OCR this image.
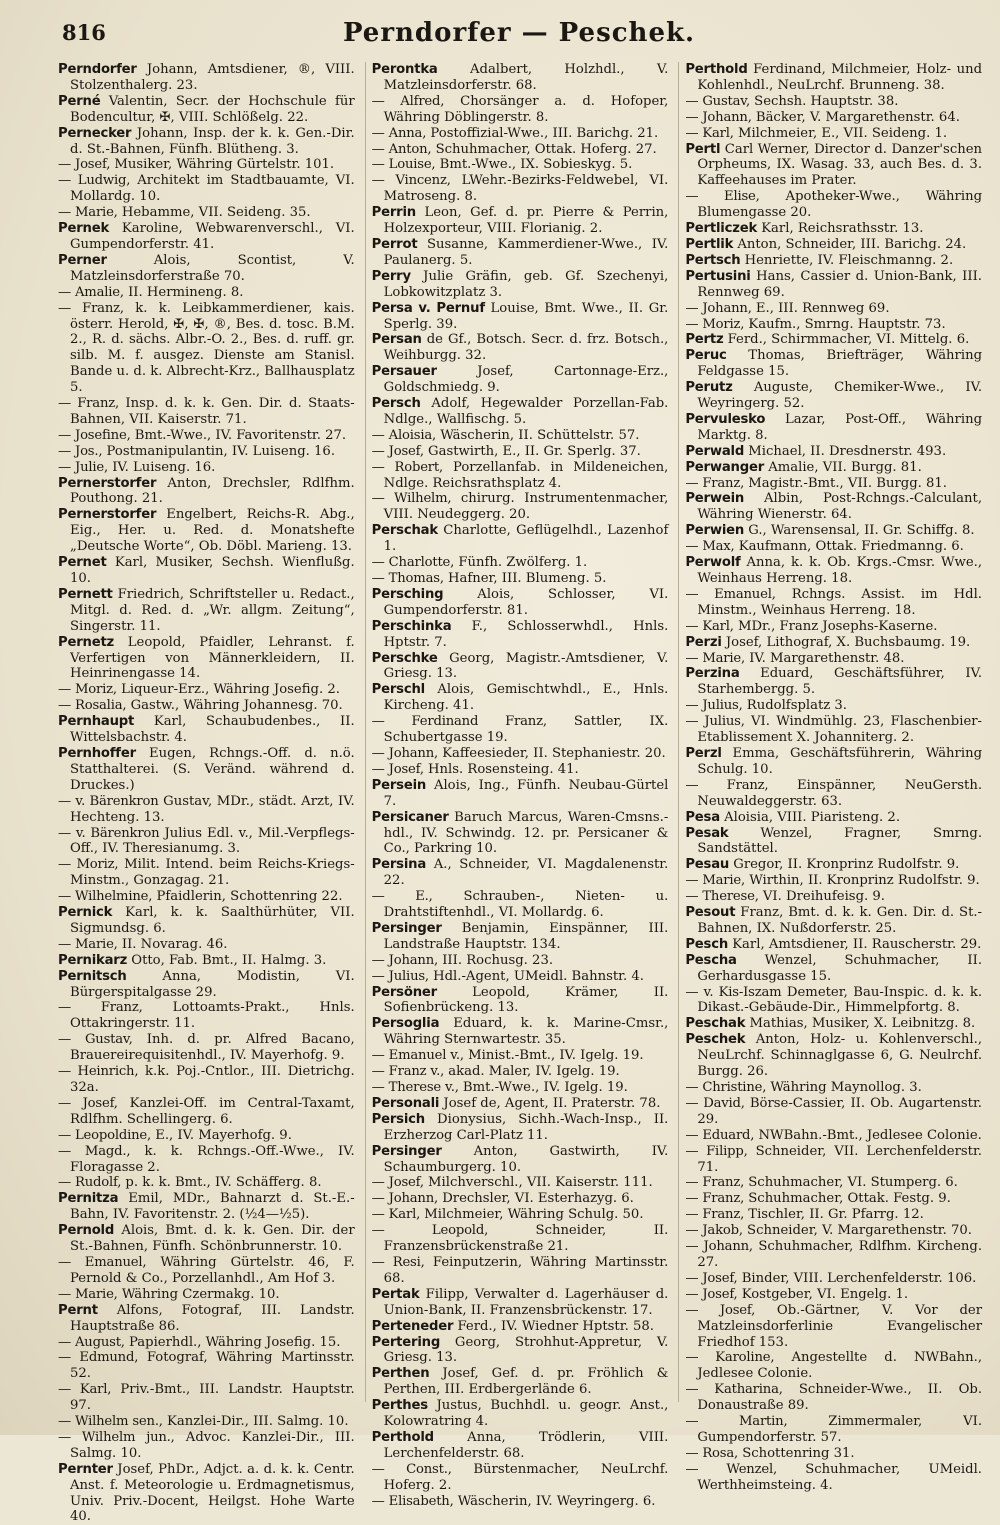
816	Perndorfer — Peschek.

Perndorfer Johann, Amtsdiener, ®, VIII. Stolzenthalerg. 23.

Perné Valentin, Secr. der Hochschule für Bodencultur, ✠, VIII. Schlößelg. 22.

Pernecker Johann, Insp. der k. k. Gen.-Dir. d. St.-Bahnen, Fünfh. Blütheng. 3.

— Josef, Musiker, Währing Gürtelstr. 101.

— Ludwig, Architekt im Stadtbauamte, VI. Mollardg. 10.

— Marie, Hebamme, VII. Seideng. 35.

Pernek Karoline, Webwarenverschl., VI. Gumpendorferstr. 41.

Perner Alois, Scontist, V. Matzleinsdorferstraße 70.

— Amalie, II. Hermineng. 8.

— Franz, k. k. Leibkammerdiener, kais. österr. Herold, ✠, ✠, ®, Bes. d. tosc. B.M. 2., R. d. sächs. Albr.-O. 2., Bes. d. ruff. gr. silb. M. f. ausgez. Dienste am Stanisl. Bande u. d. k. Albrecht-Krz., Ballhausplatz 5.

— Franz, Insp. d. k. k. Gen. Dir. d. Staats-Bahnen, VII. Kaiserstr. 71.

— Josefine, Bmt.-Wwe., IV. Favoritenstr. 27.

— Jos., Postmanipulantin, IV. Luiseng. 16.

— Julie, IV. Luiseng. 16.

Pernerstorfer Anton, Drechsler, Rdlfhm. Pouthong. 21.

Pernerstorfer Engelbert, Reichs-R. Abg., Eig., Her. u. Red. d. Monatshefte „Deutsche Worte“, Ob. Döbl. Marieng. 13.

Pernet Karl, Musiker, Sechsh. Wienflußg. 10.

Pernett Friedrich, Schriftsteller u. Redact., Mitgl. d. Red. d. „Wr. allgm. Zeitung“, Singerstr. 11.

Pernetz Leopold, Pfaidler, Lehranst. f. Verfertigen von Männerkleidern, II. Heinrinengasse 14.

— Moriz, Liqueur-Erz., Währing Josefig. 2.

— Rosalia, Gastw., Währing Johannesg. 70.

Pernhaupt Karl, Schaubudenbes., II. Wittelsbachstr. 4.

Pernhoffer Eugen, Rchngs.-Off. d. n.ö. Statthalterei. (S. Veränd. während d. Druckes.)

— v. Bärenkron Gustav, MDr., städt. Arzt, IV. Hechteng. 13.

— v. Bärenkron Julius Edl. v., Mil.-Verpflegs-Off., IV. Theresianumg. 3.

— Moriz, Milit. Intend. beim Reichs-Kriegs-Minstm., Gonzagag. 21.

— Wilhelmine, Pfaidlerin, Schottenring 22.

Pernick Karl, k. k. Saalthürhüter, VII. Sigmundsg. 6.

— Marie, II. Novarag. 46.

Pernikarz Otto, Fab. Bmt., II. Halmg. 3.

Pernitsch Anna, Modistin, VI. Bürgerspitalgasse 29.

— Franz, Lottoamts-Prakt., Hnls. Ottakringerstr. 11.

— Gustav, Inh. d. pr. Alfred Bacano, Brauereirequisitenhdl., IV. Mayerhofg. 9.

— Heinrich, k.k. Poj.-Cntlor., III. Dietrichg. 32a.

— Josef, Kanzlei-Off. im Central-Taxamt, Rdlfhm. Schellingerg. 6.

— Leopoldine, E., IV. Mayerhofg. 9.

— Magd., k. k. Rchngs.-Off.-Wwe., IV. Floragasse 2.

— Rudolf, p. k. k. Bmt., IV. Schäfferg. 8.

Pernitza Emil, MDr., Bahnarzt d. St.-E.-Bahn, IV. Favoritenstr. 2. (½4—½5).

Pernold Alois, Bmt. d. k. k. Gen. Dir. der St.-Bahnen, Fünfh. Schönbrunnerstr. 10.

— Emanuel, Währing Gürtelstr. 46, F. Pernold & Co., Porzellanhdl., Am Hof 3.

— Marie, Währing Czermakg. 10.

Pernt Alfons, Fotograf, III. Landstr. Hauptstraße 86.

— August, Papierhdl., Währing Josefig. 15.

— Edmund, Fotograf, Währing Martinsstr. 52.

— Karl, Priv.-Bmt., III. Landstr. Hauptstr. 97.

— Wilhelm sen., Kanzlei-Dir., III. Salmg. 10.

— Wilhelm jun., Advoc. Kanzlei-Dir., III. Salmg. 10.

Pernter Josef, PhDr., Adjct. a. d. k. k. Centr. Anst. f. Meteorologie u. Erdmagnetismus, Univ. Priv.-Docent, Heilgst. Hohe Warte 40.

Perontka Adalbert, Holzhdl., V. Matzleinsdorferstr. 68.

— Alfred, Chorsänger a. d. Hofoper, Währing Döblingerstr. 8.

— Anna, Postoffizial-Wwe., III. Barichg. 21.

— Anton, Schuhmacher, Ottak. Hoferg. 27.

— Louise, Bmt.-Wwe., IX. Sobieskyg. 5.

— Vincenz, LWehr.-Bezirks-Feldwebel, VI. Matroseng. 8.

Perrin Leon, Gef. d. pr. Pierre & Perrin, Holzexporteur, VIII. Florianig. 2.

Perrot Susanne, Kammerdiener-Wwe., IV. Paulanerg. 5.

Perry Julie Gräfin, geb. Gf. Szechenyi, Lobkowitzplatz 3.

Persa v. Pernuf Louise, Bmt. Wwe., II. Gr. Sperlg. 39.

Persan de Gf., Botsch. Secr. d. frz. Botsch., Weihburgg. 32.

Persauer Josef, Cartonnage-Erz., Goldschmiedg. 9.

Persch Adolf, Hegewalder Porzellan-Fab. Ndlge., Wallfischg. 5.

— Aloisia, Wäscherin, II. Schüttelstr. 57.

— Josef, Gastwirth, E., II. Gr. Sperlg. 37.

— Robert, Porzellanfab. in Mildeneichen, Ndlge. Reichsrathsplatz 4.

— Wilhelm, chirurg. Instrumentenmacher, VIII. Neudeggerg. 20.

Perschak Charlotte, Geflügelhdl., Lazenhof 1.

— Charlotte, Fünfh. Zwölferg. 1.

— Thomas, Hafner, III. Blumeng. 5.

Persching Alois, Schlosser, VI. Gumpendorferstr. 81.

Perschinka F., Schlosserwhdl., Hnls. Hptstr. 7.

Perschke Georg, Magistr.-Amtsdiener, V. Griesg. 13.

Perschl Alois, Gemischtwhdl., E., Hnls. Kircheng. 41.

— Ferdinand Franz, Sattler, IX. Schubertgasse 19.

— Johann, Kaffeesieder, II. Stephaniestr. 20.

— Josef, Hnls. Rosensteing. 41.

Persein Alois, Ing., Fünfh. Neubau-Gürtel 7.

Persicaner Baruch Marcus, Waren-Cmsns.-hdl., IV. Schwindg. 12. pr. Persicaner & Co., Parkring 10.

Persina A., Schneider, VI. Magdalenenstr. 22.

— E., Schrauben-, Nieten- u. Drahtstiftenhdl., VI. Mollardg. 6.

Persinger Benjamin, Einspänner, III. Landstraße Hauptstr. 134.

— Johann, III. Rochusg. 23.

— Julius, Hdl.-Agent, UMeidl. Bahnstr. 4.

Persöner Leopold, Krämer, II. Sofienbrückeng. 13.

Persoglia Eduard, k. k. Marine-Cmsr., Währing Sternwartestr. 35.

— Emanuel v., Minist.-Bmt., IV. Igelg. 19.

— Franz v., akad. Maler, IV. Igelg. 19.

— Therese v., Bmt.-Wwe., IV. Igelg. 19.

Personali Josef de, Agent, II. Praterstr. 78.

Persich Dionysius, Sichh.-Wach-Insp., II. Erzherzog Carl-Platz 11.

Persinger Anton, Gastwirth, IV. Schaumburgerg. 10.

— Josef, Milchverschl., VII. Kaiserstr. 111.

— Johann, Drechsler, VI. Esterhazyg. 6.

— Karl, Milchmeier, Währing Schulg. 50.

— Leopold, Schneider, II. Franzensbrückenstraße 21.

— Resi, Feinputzerin, Währing Martinsstr. 68.

Pertak Filipp, Verwalter d. Lagerhäuser d. Union-Bank, II. Franzensbrückenstr. 17.

Perteneder Ferd., IV. Wiedner Hptstr. 58.

Pertering Georg, Strohhut-Appretur, V. Griesg. 13.

Perthen Josef, Gef. d. pr. Fröhlich & Perthen, III. Erdbergerlände 6.

Perthes Justus, Buchhdl. u. geogr. Anst., Kolowratring 4.

Perthold Anna, Trödlerin, VIII. Lerchenfelderstr. 68.

— Const., Bürstenmacher, NeuLrchf. Hoferg. 2.

— Elisabeth, Wäscherin, IV. Weyringerg. 6.

Perthold Ferdinand, Milchmeier, Holz- und Kohlenhdl., NeuLrchf. Brunneng. 38.

— Gustav, Sechsh. Hauptstr. 38.

— Johann, Bäcker, V. Margarethenstr. 64.

— Karl, Milchmeier, E., VII. Seideng. 1.

Pertl Carl Werner, Director d. Danzer'schen Orpheums, IX. Wasag. 33, auch Bes. d. 3. Kaffeehauses im Prater.

— Elise, Apotheker-Wwe., Währing Blumengasse 20.

Pertliczek Karl, Reichsrathsstr. 13.

Pertlik Anton, Schneider, III. Barichg. 24.

Pertsch Henriette, IV. Fleischmanng. 2.

Pertusini Hans, Cassier d. Union-Bank, III. Rennweg 69.

— Johann, E., III. Rennweg 69.

— Moriz, Kaufm., Smrng. Hauptstr. 73.

Pertz Ferd., Schirmmacher, VI. Mittelg. 6.

Peruc Thomas, Briefträger, Währing Feldgasse 15.

Perutz Auguste, Chemiker-Wwe., IV. Weyringerg. 52.

Pervulesko Lazar, Post-Off., Währing Marktg. 8.

Perwald Michael, II. Dresdnerstr. 493.

Perwanger Amalie, VII. Burgg. 81.

— Franz, Magistr.-Bmt., VII. Burgg. 81.

Perwein Albin, Post-Rchngs.-Calculant, Währing Wienerstr. 64.

Perwien G., Warensensal, II. Gr. Schiffg. 8.

— Max, Kaufmann, Ottak. Friedmanng. 6.

Perwolf Anna, k. k. Ob. Krgs.-Cmsr. Wwe., Weinhaus Herreng. 18.

— Emanuel, Rchngs. Assist. im Hdl. Minstm., Weinhaus Herreng. 18.

— Karl, MDr., Franz Josephs-Kaserne.

Perzi Josef, Lithograf, X. Buchsbaumg. 19.

— Marie, IV. Margarethenstr. 48.

Perzina Eduard, Geschäftsführer, IV. Starhembergg. 5.

— Julius, Rudolfsplatz 3.

— Julius, VI. Windmühlg. 23, Flaschenbier-Etablissement X. Johanniterg. 2.

Perzl Emma, Geschäftsführerin, Währing Schulg. 10.

— Franz, Einspänner, NeuGersth. Neuwaldeggerstr. 63.

Pesa Aloisia, VIII. Piaristeng. 2.

Pesak Wenzel, Fragner, Smrng. Sandstättel.

Pesau Gregor, II. Kronprinz Rudolfstr. 9.

— Marie, Wirthin, II. Kronprinz Rudolfstr. 9.

— Therese, VI. Dreihufeisg. 9.

Pesout Franz, Bmt. d. k. k. Gen. Dir. d. St.-Bahnen, IX. Nußdorferstr. 25.

Pesch Karl, Amtsdiener, II. Rauscherstr. 29.

Pescha Wenzel, Schuhmacher, II. Gerhardusgasse 15.

— v. Kis-Iszam Demeter, Bau-Inspic. d. k. k. Dikast.-Gebäude-Dir., Himmelpfortg. 8.

Peschak Mathias, Musiker, X. Leibnitzg. 8.

Peschek Anton, Holz- u. Kohlenverschl., NeuLrchf. Schinnaglgasse 6, G. Neulrchf. Burgg. 26.

— Christine, Währing Maynollog. 3.

— David, Börse-Cassier, II. Ob. Augartenstr. 29.

— Eduard, NWBahn.-Bmt., Jedlesee Colonie.

— Filipp, Schneider, VII. Lerchenfelderstr. 71.

— Franz, Schuhmacher, VI. Stumperg. 6.

— Franz, Schuhmacher, Ottak. Festg. 9.

— Franz, Tischler, II. Gr. Pfarrg. 12.

— Jakob, Schneider, V. Margarethenstr. 70.

— Johann, Schuhmacher, Rdlfhm. Kircheng. 27.

— Josef, Binder, VIII. Lerchenfelderstr. 106.

— Josef, Kostgeber, VI. Engelg. 1.

— Josef, Ob.-Gärtner, V. Vor der Matzleinsdorferlinie Evangelischer Friedhof 153.

— Karoline, Angestellte d. NWBahn., Jedlesee Colonie.

— Katharina, Schneider-Wwe., II. Ob. Donaustraße 89.

— Martin, Zimmermaler, VI. Gumpendorferstr. 57.

— Rosa, Schottenring 31.

— Wenzel, Schuhmacher, UMeidl. Werthheimsteing. 4.
